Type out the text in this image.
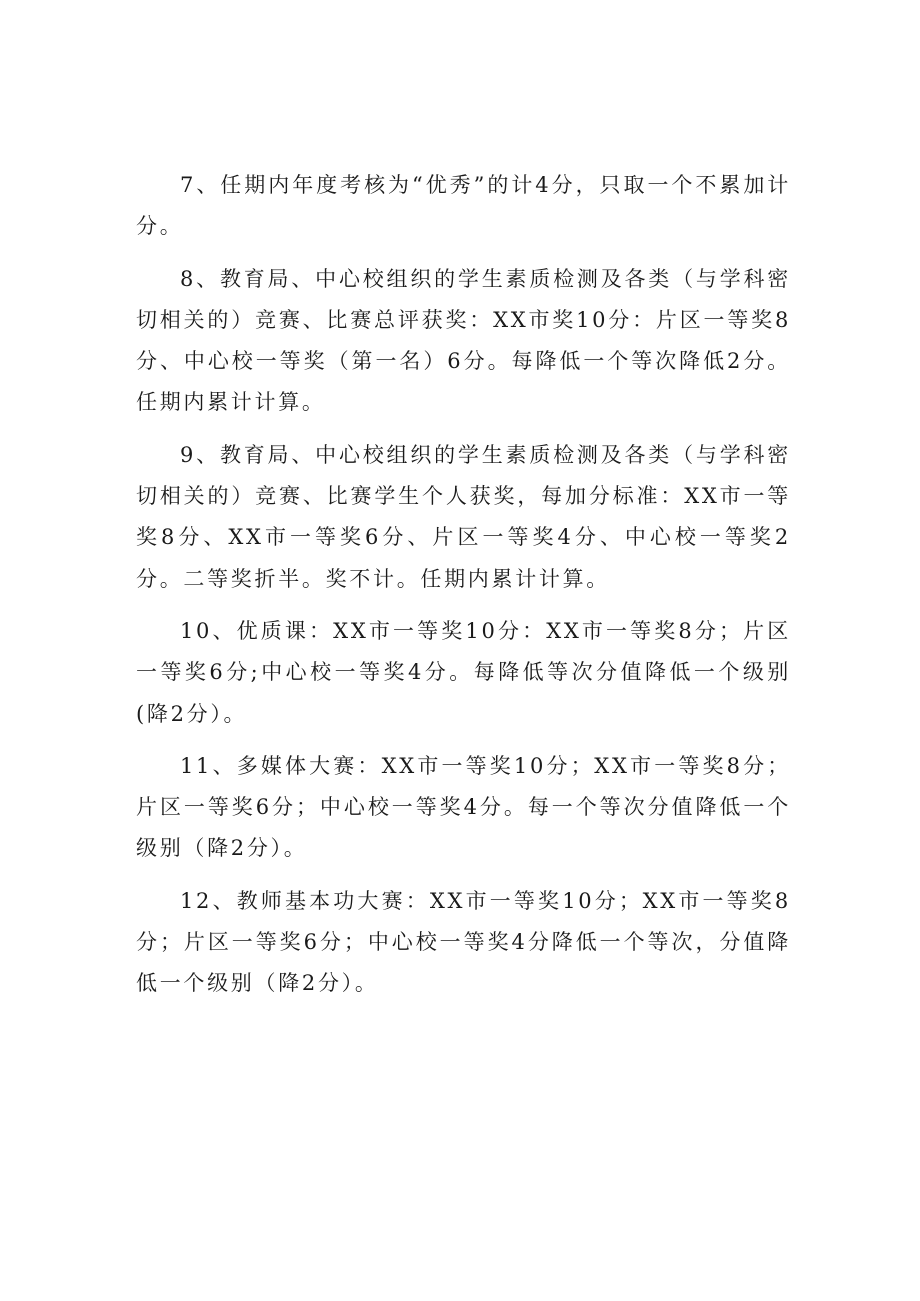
7、任期内年度考核为“优秀”的计4分，只取一个不累加计分。

8、教育局、中心校组织的学生素质检测及各类（与学科密切相关的）竞赛、比赛总评获奖：XX市奖10分：片区一等奖8分、中心校一等奖（第一名）6分。每降低一个等次降低2分。任期内累计计算。

9、教育局、中心校组织的学生素质检测及各类（与学科密切相关的）竞赛、比赛学生个人获奖，每加分标准：XX市一等奖8分、XX市一等奖6分、片区一等奖4分、中心校一等奖2分。二等奖折半。奖不计。任期内累计计算。

10、优质课：XX市一等奖10分：XX市一等奖8分；片区一等奖6分;中心校一等奖4分。每降低等次分值降低一个级别(降2分）。

11、多媒体大赛：XX市一等奖10分；XX市一等奖8分；片区一等奖6分；中心校一等奖4分。每一个等次分值降低一个级别（降2分）。

12、教师基本功大赛：XX市一等奖10分；XX市一等奖8分；片区一等奖6分；中心校一等奖4分降低一个等次，分值降低一个级别（降2分）。
